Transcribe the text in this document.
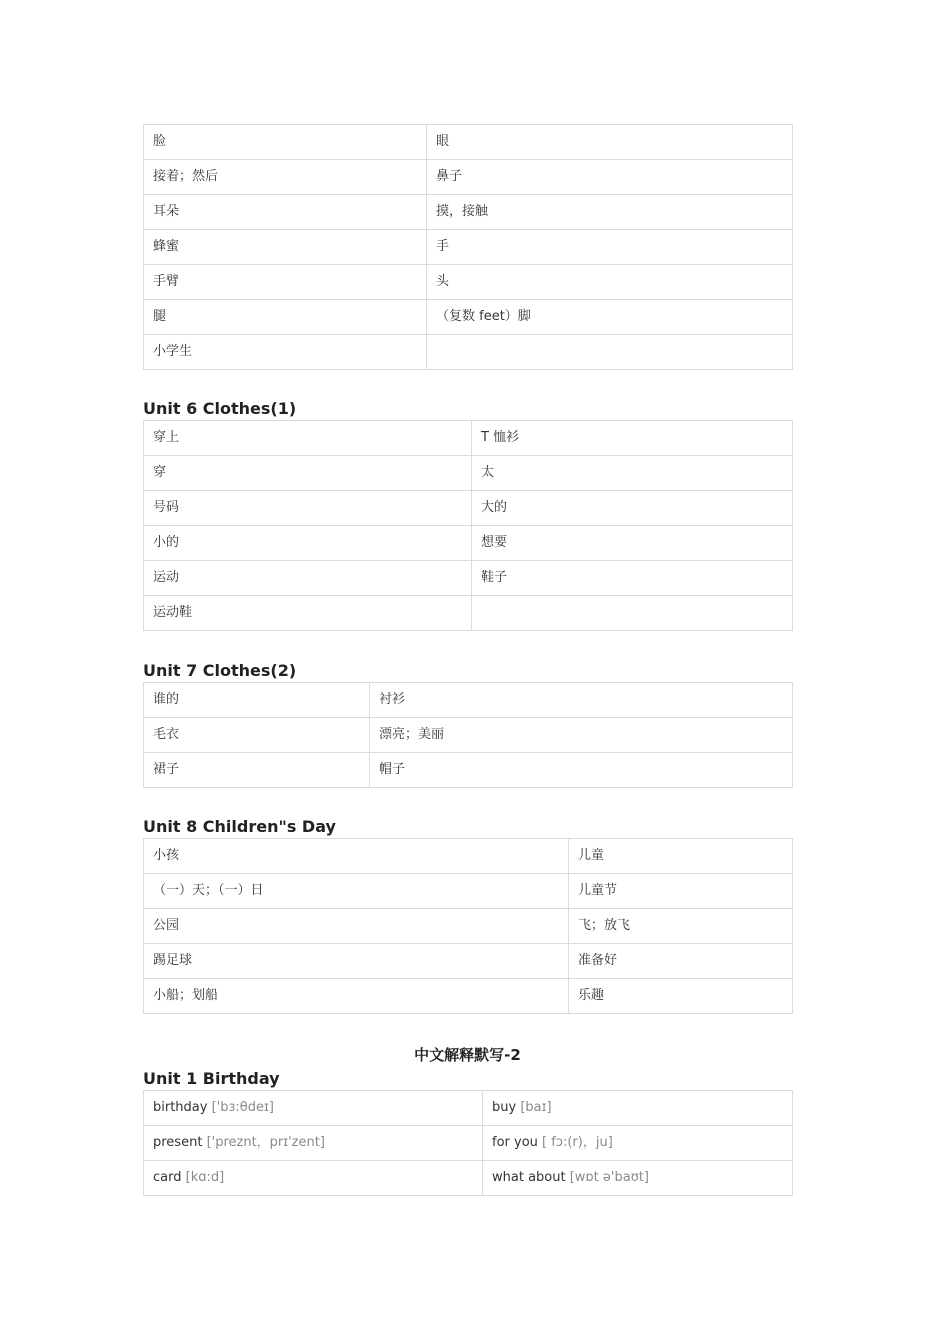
脸	眼
接着；然后	鼻子
耳朵	摸，接触
蜂蜜	手
手臂	头
腿	（复数 feet）脚
小学生	
Unit 6 Clothes(1)
穿上	T 恤衫
穿	太
号码	大的
小的	想要
运动	鞋子
运动鞋	
Unit 7 Clothes(2)
谁的	衬衫
毛衣	漂亮；美丽
裙子	帽子
Unit 8 Children"s Day
小孩	儿童
（一）天；（一）日	儿童节
公园	飞；放飞
踢足球	准备好
小船；划船	乐趣
中文解释默写-2
Unit 1 Birthday
birthday ['bɜ:θdeɪ]	buy [baɪ]
present ['preznt，prɪ'zent]	for you [ fɔ:(r)，ju]
card [kɑ:d]	what about [wɒt ə'baʊt]
